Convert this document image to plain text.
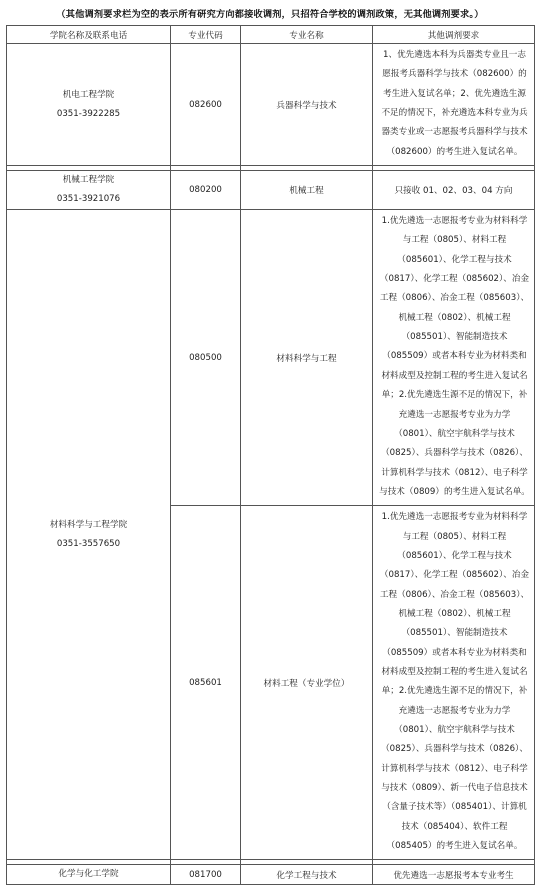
（其他调剂要求栏为空的表示所有研究方向都接收调剂，只招符合学校的调剂政策，无其他调剂要求。）
学院名称及联系电话	专业代码	专业名称	其他调剂要求

机电工程学院
0351-3922285	082600	兵器科学与技术	1、优先遴选本科为兵器类专业且一志愿报考兵器科学与技术（082600）的考生进入复试名单；2、优先遴选生源不足的情况下，补充遴选本科专业为兵器类专业或一志愿报考兵器科学与技术（082600）的考生进入复试名单。

机械工程学院
0351-3921076	080200	机械工程	只接收 01、02、03、04 方向

材料科学与工程学院
0351-3557650	080500	材料科学与工程	1.优先遴选一志愿报考专业为材料科学与工程（0805）、材料工程（085601）、化学工程与技术（0817）、化学工程（085602）、冶金工程（0806）、冶金工程（085603）、机械工程（0802）、机械工程（085501）、智能制造技术（085509）或者本科专业为材料类和材料成型及控制工程的考生进入复试名单；2.优先遴选生源不足的情况下，补充遴选一志愿报考专业为力学（0801）、航空宇航科学与技术（0825）、兵器科学与技术（0826）、计算机科学与技术（0812）、电子科学与技术（0809）的考生进入复试名单。

	085601	材料工程（专业学位）	1.优先遴选一志愿报考专业为材料科学与工程（0805）、材料工程（085601）、化学工程与技术（0817）、化学工程（085602）、冶金工程（0806）、冶金工程（085603）、机械工程（0802）、机械工程（085501）、智能制造技术（085509）或者本科专业为材料类和材料成型及控制工程的考生进入复试名单；2.优先遴选生源不足的情况下，补充遴选一志愿报考专业为力学（0801）、航空宇航科学与技术（0825）、兵器科学与技术（0826）、计算机科学与技术（0812）、电子科学与技术（0809）、新一代电子信息技术（含量子技术等）（085401）、计算机技术（085404）、软件工程（085405）的考生进入复试名单。

化学与化工学院	081700	化学工程与技术	优先遴选一志愿报考本专业考生
